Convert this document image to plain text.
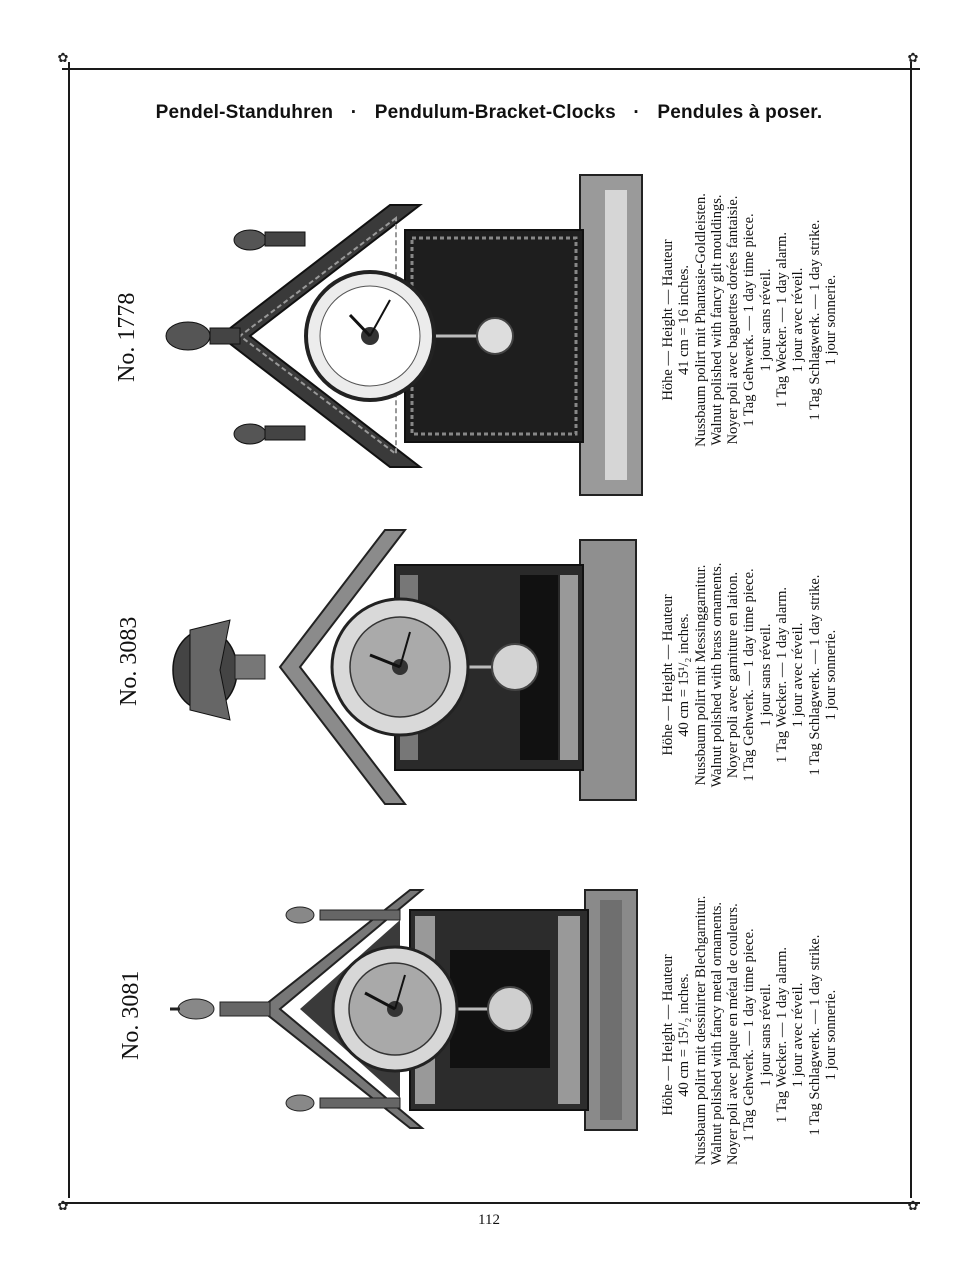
✿	✿
✿	✿
Pendel-Standuhren · Pendulum-Bracket-Clocks · Pendules à poser.
No. 3081
No. 3083
No. 1778
Höhe — Height — Hauteur 40 cm = 15¹/₂ inches. Nussbaum polirt mit dessinirter Blechgarnitur. Walnut polished with fancy metal ornaments. Noyer poli avec plaque en métal de couleurs. 1 Tag Gehwerk. — 1 day time piece. 1 jour sans réveil. 1 Tag Wecker. — 1 day alarm. 1 jour avec réveil. 1 Tag Schlagwerk. — 1 day strike. 1 jour sonnerie.
Höhe — Height — Hauteur 40 cm = 15¹/₂ inches. Nussbaum polirt mit Messinggarnitur. Walnut polished with brass ornaments. Noyer poli avec garniture en laiton. 1 Tag Gehwerk. — 1 day time piece. 1 jour sans réveil. 1 Tag Wecker. — 1 day alarm. 1 jour avec réveil. 1 Tag Schlagwerk. — 1 day strike. 1 jour sonnerie.
Höhe — Height — Hauteur 41 cm = 16 inches. Nussbaum polirt mit Phantasie-Goldleisten. Walnut polished with fancy gilt mouldings. Noyer poli avec baguettes dorées fantaisie. 1 Tag Gehwerk. — 1 day time piece. 1 jour sans réveil. 1 Tag Wecker. — 1 day alarm. 1 jour avec réveil. 1 Tag Schlagwerk. — 1 day strike. 1 jour sonnerie.
112
